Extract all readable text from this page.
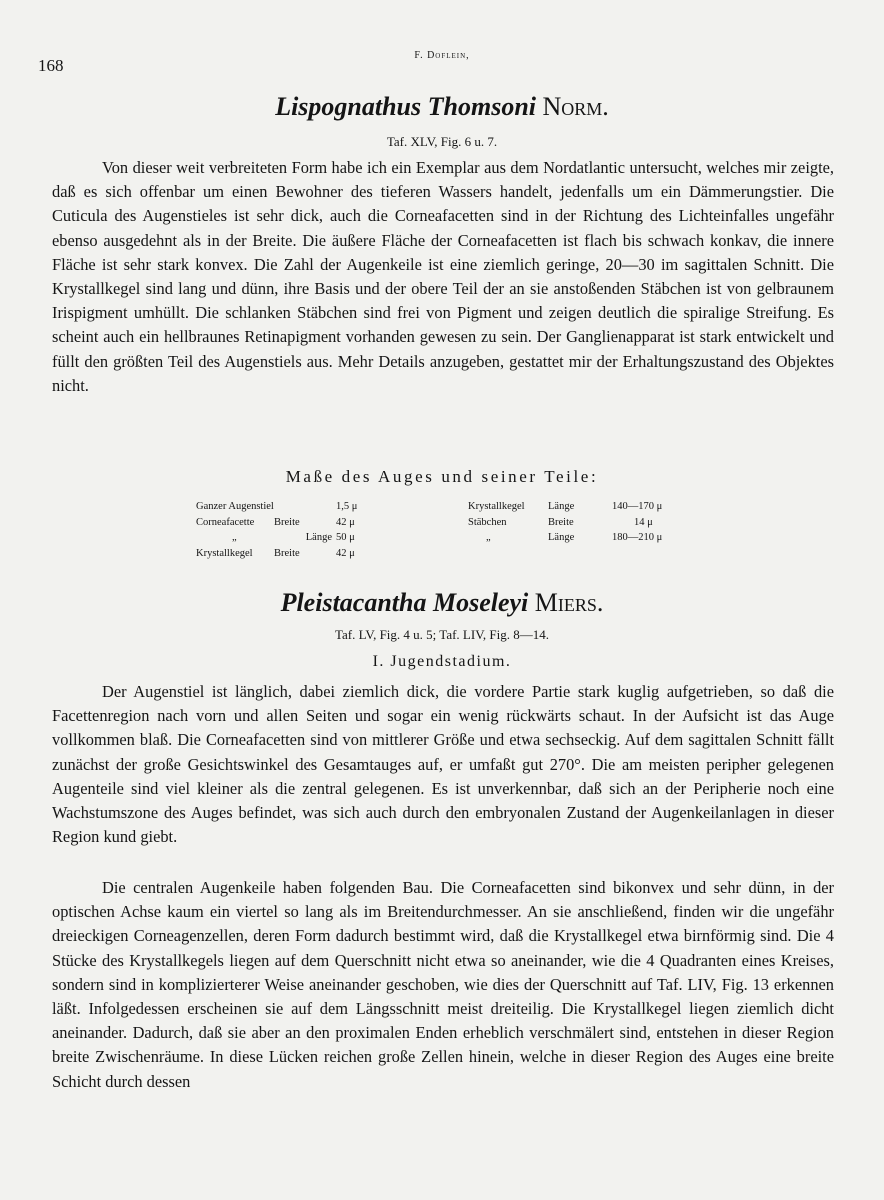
168
F. Doflein,
Lispognathus Thomsoni Norm.
Taf. XLV, Fig. 6 u. 7.

Von dieser weit verbreiteten Form habe ich ein Exemplar aus dem Nordatlantic untersucht, welches mir zeigte, daß es sich offenbar um einen Bewohner des tieferen Wassers handelt, jedenfalls um ein Dämmerungstier. Die Cuticula des Augenstieles ist sehr dick, auch die Corneafacetten sind in der Richtung des Lichteinfalles ungefähr ebenso ausgedehnt als in der Breite. Die äußere Fläche der Corneafacetten ist flach bis schwach konkav, die innere Fläche ist sehr stark konvex. Die Zahl der Augenkeile ist eine ziemlich geringe, 20—30 im sagittalen Schnitt. Die Krystallkegel sind lang und dünn, ihre Basis und der obere Teil der an sie anstoßenden Stäbchen ist von gelbraunem Irispigment umhüllt. Die schlanken Stäbchen sind frei von Pigment und zeigen deutlich die spiralige Streifung. Es scheint auch ein hellbraunes Retinapigment vorhanden gewesen zu sein. Der Ganglienapparat ist stark entwickelt und füllt den größten Teil des Augenstiels aus. Mehr Details anzugeben, gestattet mir der Erhaltungszustand des Objektes nicht.

Maße des Auges und seiner Teile:
Ganzer Augenstiel		1,5 μ
Corneafacette	Breite	42 μ
„	Länge	50 μ
Krystallkegel	Breite	42 μ
Krystallkegel	Länge	140—170 μ
Stäbchen	Breite	14 μ
„	Länge	180—210 μ
Pleistacantha Moseleyi Miers.
Taf. LV, Fig. 4 u. 5; Taf. LIV, Fig. 8—14.
I. Jugendstadium.

Der Augenstiel ist länglich, dabei ziemlich dick, die vordere Partie stark kuglig aufgetrieben, so daß die Facettenregion nach vorn und allen Seiten und sogar ein wenig rückwärts schaut. In der Aufsicht ist das Auge vollkommen blaß. Die Corneafacetten sind von mittlerer Größe und etwa sechseckig. Auf dem sagittalen Schnitt fällt zunächst der große Gesichtswinkel des Gesamtauges auf, er umfaßt gut 270°. Die am meisten peripher gelegenen Augenteile sind viel kleiner als die zentral gelegenen. Es ist unverkennbar, daß sich an der Peripherie noch eine Wachstumszone des Auges befindet, was sich auch durch den embryonalen Zustand der Augenkeilanlagen in dieser Region kund giebt.

Die centralen Augenkeile haben folgenden Bau. Die Corneafacetten sind bikonvex und sehr dünn, in der optischen Achse kaum ein viertel so lang als im Breitendurchmesser. An sie anschließend, finden wir die ungefähr dreieckigen Corneagenzellen, deren Form dadurch bestimmt wird, daß die Krystallkegel etwa birnförmig sind. Die 4 Stücke des Krystallkegels liegen auf dem Querschnitt nicht etwa so aneinander, wie die 4 Quadranten eines Kreises, sondern sind in komplizierterer Weise aneinander geschoben, wie dies der Querschnitt auf Taf. LIV, Fig. 13 erkennen läßt. Infolgedessen erscheinen sie auf dem Längsschnitt meist dreiteilig. Die Krystallkegel liegen ziemlich dicht aneinander. Dadurch, daß sie aber an den proximalen Enden erheblich verschmälert sind, entstehen in dieser Region breite Zwischenräume. In diese Lücken reichen große Zellen hinein, welche in dieser Region des Auges eine breite Schicht durch dessen
